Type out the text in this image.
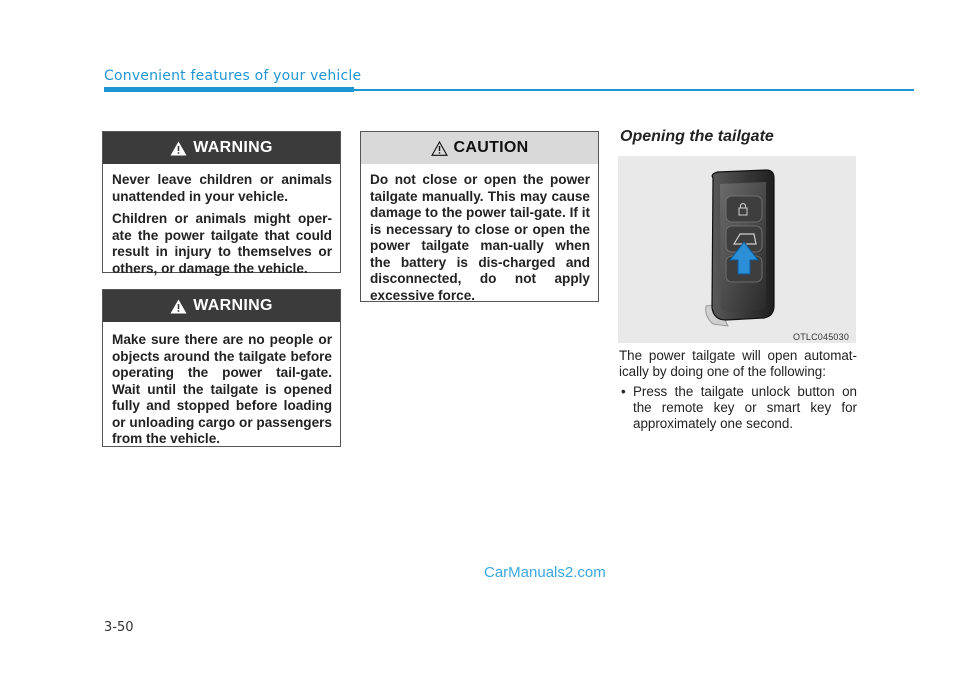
Convenient features of your vehicle
WARNING

Never leave children or animals unattended in your vehicle.

Children or animals might oper-ate the power tailgate that could result in injury to themselves or others, or damage the vehicle.

WARNING

Make sure there are no people or objects around the tailgate before operating the power tail-gate. Wait until the tailgate is opened fully and stopped before loading or unloading cargo or passengers from the vehicle.

CAUTION

Do not close or open the power tailgate manually. This may cause damage to the power tail-gate. If it is necessary to close or open the power tailgate man-ually when the battery is dis-charged and disconnected, do not apply excessive force.

Opening the tailgate
OTLC045030

The power tailgate will open automat-ically by doing one of the following:

• Press the tailgate unlock button on the remote key or smart key for approximately one second.
CarManuals2.com
3-50
